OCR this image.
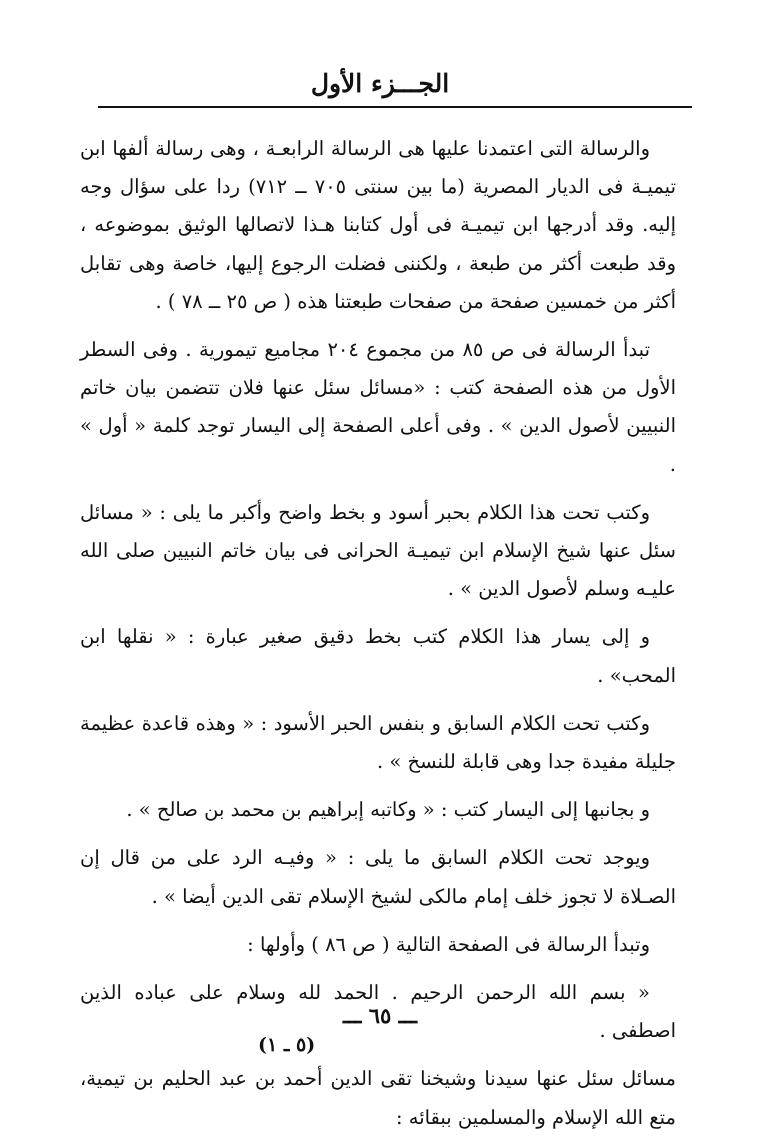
الجـــزء الأول

والرسالة التى اعتمدنا عليها هى الرسالة الرابعـة ، وهى رسالة ألفها ابن تيميـة فى الديار المصرية (ما بين سنتى ٧٠٥ ــ ٧١٢) ردا على سؤال وجه إليه. وقد أدرجها ابن تيميـة فى أول كتابنا هـذا لاتصالها الوثيق بموضوعه ، وقد طبعت أكثر من طبعة ، ولكننى فضلت الرجوع إليها، خاصة وهى تقابل أكثر من خمسين صفحة من صفحات طبعتنا هذه ( ص ٢٥ ــ ٧٨ ) .

تبدأ الرسالة فى ص ٨٥ من مجموع ٢٠٤ مجاميع تيمورية . وفى السطر الأول من هذه الصفحة كتب : «مسائل سئل عنها فلان تتضمن بيان خاتم النبيين لأصول الدين » . وفى أعلى الصفحة إلى اليسار توجد كلمة « أول » .

وكتب تحت هذا الكلام بحبر أسود و بخط واضح وأكبر ما يلى : « مسائل سئل عنها شيخ الإسلام ابن تيميـة الحرانى فى بيان خاتم النبيين صلى الله عليـه وسلم لأصول الدين » .

و إلى يسار هذا الكلام كتب بخط دقيق صغير عبارة : « نقلها ابن المحب» .

وكتب تحت الكلام السابق و بنفس الحبر الأسود : « وهذه قاعدة عظيمة جليلة مفيدة جدا وهى قابلة للنسخ » .

و بجانبها إلى اليسار كتب : « وكاتبه إبراهيم بن محمد بن صالح » .

ويوجد تحت الكلام السابق ما يلى : « وفيـه الرد على من قال إن الصـلاة لا تجوز خلف إمام مالكى لشيخ الإسلام تقى الدين أيضا » .

وتبدأ الرسالة فى الصفحة التالية ( ص ٨٦ ) وأولها :

« بسم الله الرحمن الرحيم . الحمد لله وسلام على عباده الذين اصطفى .

مسائل سئل عنها سيدنا وشيخنا تقى الدين أحمد بن عبد الحليم بن تيمية، متع الله الإسلام والمسلمين ببقائه :

ـــ ٦٥ ـــ
(٥ ـ ١)
